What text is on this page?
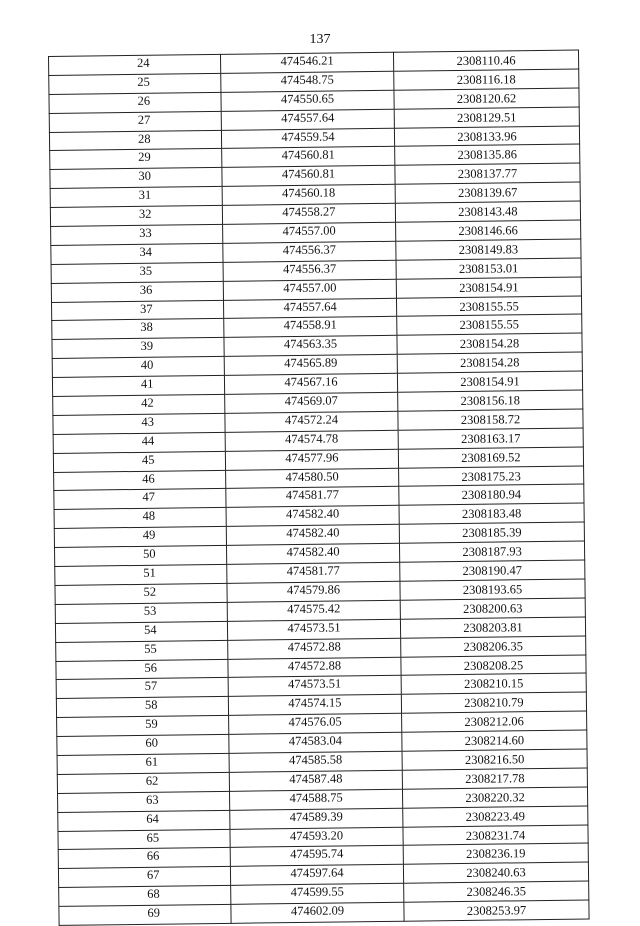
137
24	474546.21	2308110.46
25	474548.75	2308116.18
26	474550.65	2308120.62
27	474557.64	2308129.51
28	474559.54	2308133.96
29	474560.81	2308135.86
30	474560.81	2308137.77
31	474560.18	2308139.67
32	474558.27	2308143.48
33	474557.00	2308146.66
34	474556.37	2308149.83
35	474556.37	2308153.01
36	474557.00	2308154.91
37	474557.64	2308155.55
38	474558.91	2308155.55
39	474563.35	2308154.28
40	474565.89	2308154.28
41	474567.16	2308154.91
42	474569.07	2308156.18
43	474572.24	2308158.72
44	474574.78	2308163.17
45	474577.96	2308169.52
46	474580.50	2308175.23
47	474581.77	2308180.94
48	474582.40	2308183.48
49	474582.40	2308185.39
50	474582.40	2308187.93
51	474581.77	2308190.47
52	474579.86	2308193.65
53	474575.42	2308200.63
54	474573.51	2308203.81
55	474572.88	2308206.35
56	474572.88	2308208.25
57	474573.51	2308210.15
58	474574.15	2308210.79
59	474576.05	2308212.06
60	474583.04	2308214.60
61	474585.58	2308216.50
62	474587.48	2308217.78
63	474588.75	2308220.32
64	474589.39	2308223.49
65	474593.20	2308231.74
66	474595.74	2308236.19
67	474597.64	2308240.63
68	474599.55	2308246.35
69	474602.09	2308253.97
